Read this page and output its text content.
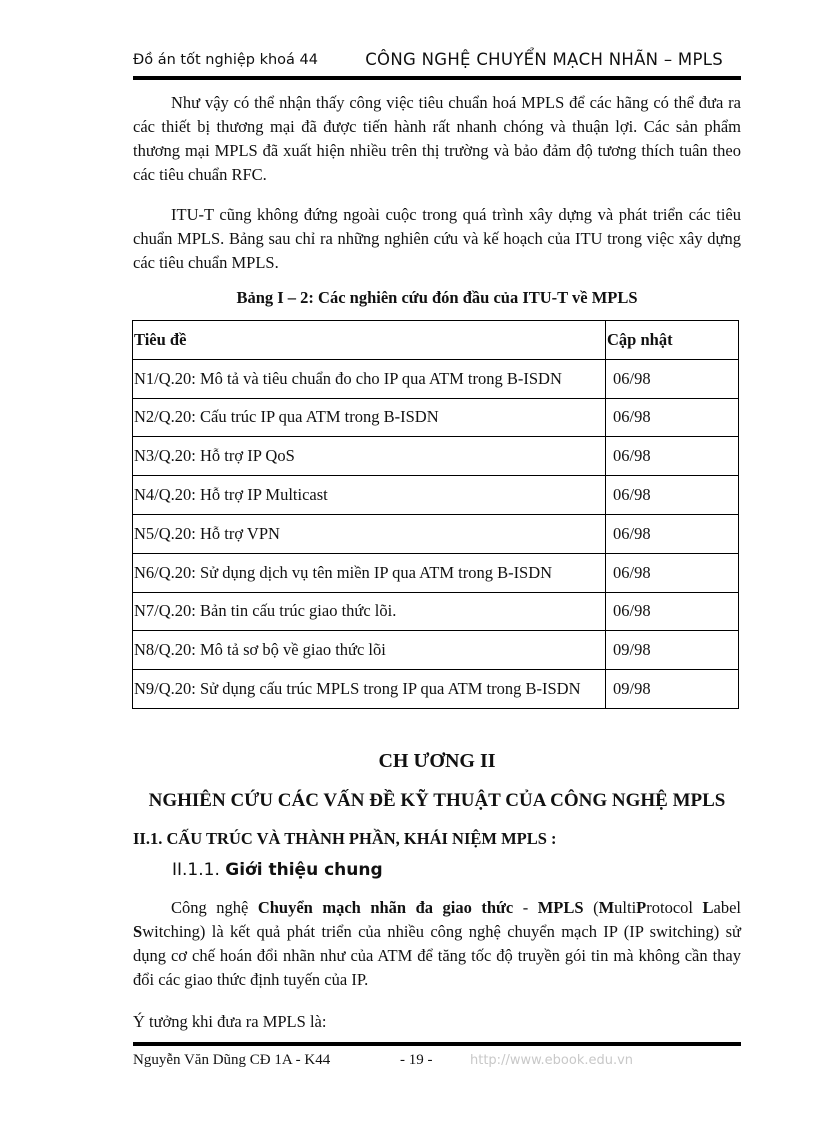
Đồ án tốt nghiệp khoá 44	CÔNG NGHỆ CHUYỂN MẠCH NHÃN – MPLS

Như vậy có thể nhận thấy công việc tiêu chuẩn hoá MPLS để các hãng có thể đưa ra các thiết bị thương mại đã được tiến hành rất nhanh chóng và thuận lợi. Các sản phẩm thương mại MPLS đã xuất hiện nhiều trên thị trường và bảo đảm độ tương thích tuân theo các tiêu chuẩn RFC.

ITU-T cũng không đứng ngoài cuộc trong quá trình xây dựng và phát triển các tiêu chuẩn MPLS. Bảng sau chỉ ra những nghiên cứu và kế hoạch của ITU trong việc xây dựng các tiêu chuẩn MPLS.

Bảng I – 2: Các nghiên cứu đón đầu của ITU-T về MPLS
Tiêu đề	Cập nhật
N1/Q.20: Mô tả và tiêu chuẩn đo cho IP qua ATM trong B-ISDN	06/98
N2/Q.20: Cấu trúc IP qua ATM trong B-ISDN	06/98
N3/Q.20: Hỗ trợ IP QoS	06/98
N4/Q.20: Hỗ trợ IP Multicast	06/98
N5/Q.20: Hỗ trợ VPN	06/98
N6/Q.20: Sử dụng dịch vụ tên miền IP qua ATM trong B-ISDN	06/98
N7/Q.20: Bản tin cấu trúc giao thức lõi.	06/98
N8/Q.20: Mô tả sơ bộ về giao thức lõi	09/98
N9/Q.20: Sử dụng cấu trúc MPLS trong IP qua ATM trong B-ISDN	09/98
CH ƯƠNG II
NGHIÊN CỨU CÁC VẤN ĐỀ KỸ THUẬT CỦA CÔNG NGHỆ MPLS
II.1. CẤU TRÚC VÀ THÀNH PHẦN, KHÁI NIỆM MPLS :
II.1.1. Giới thiệu chung

Công nghệ Chuyển mạch nhãn đa giao thức - MPLS (MultiProtocol Label Switching) là kết quả phát triển của nhiều công nghệ chuyển mạch IP (IP switching) sử dụng cơ chế hoán đổi nhãn như của ATM để tăng tốc độ truyền gói tin mà không cần thay đổi các giao thức định tuyến của IP.

Ý tưởng khi đưa ra MPLS là:

Nguyễn Văn Dũng CĐ 1A - K44	- 19 -	http://www.ebook.edu.vn
